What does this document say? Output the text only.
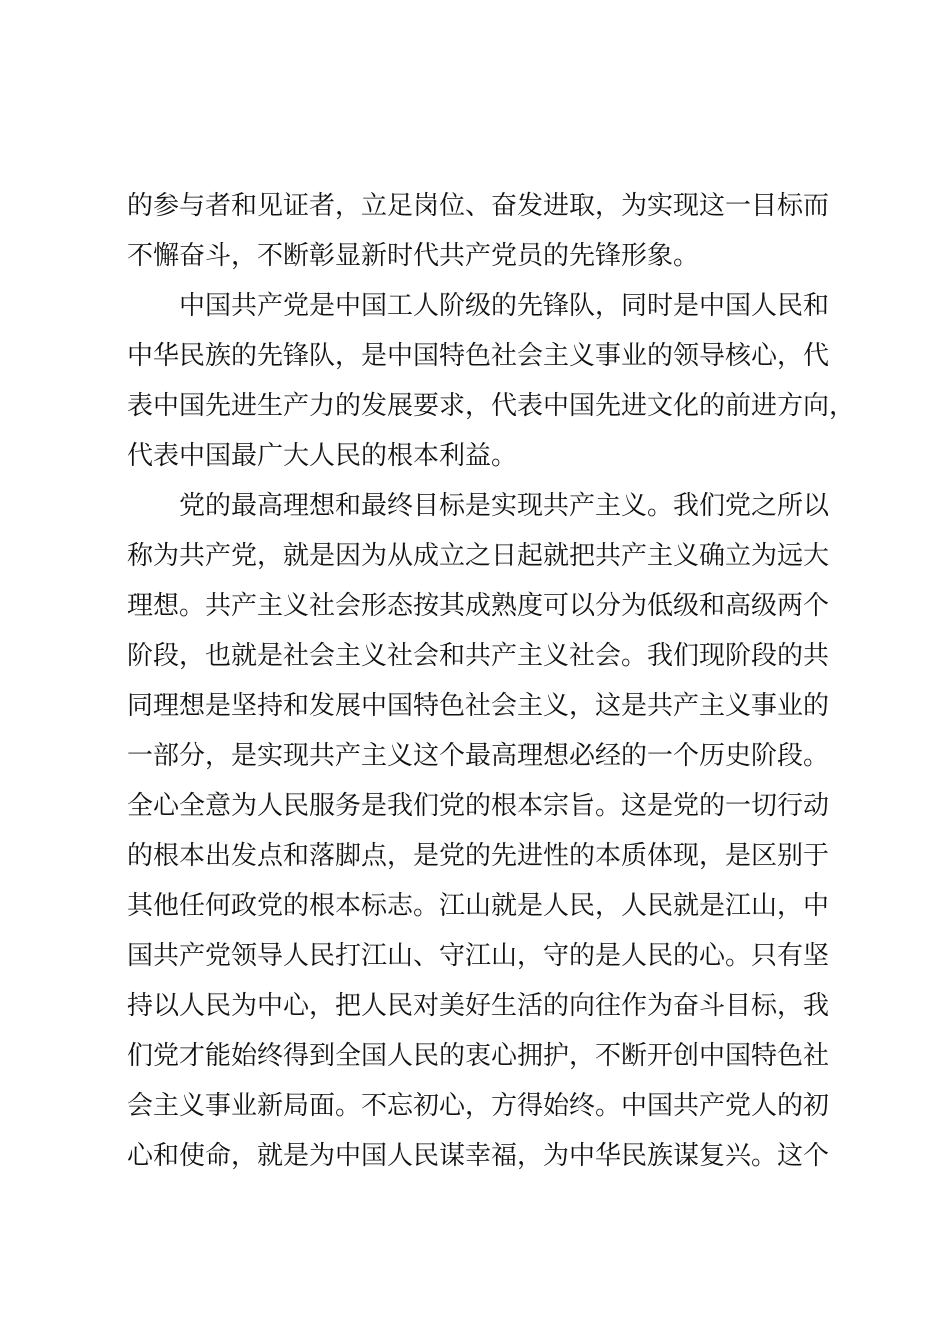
的参与者和见证者，立足岗位、奋发进取，为实现这一目标而
不懈奋斗，不断彰显新时代共产党员的先锋形象。
中国共产党是中国工人阶级的先锋队，同时是中国人民和
中华民族的先锋队，是中国特色社会主义事业的领导核心，代
表中国先进生产力的发展要求，代表中国先进文化的前进方向，
代表中国最广大人民的根本利益。
党的最高理想和最终目标是实现共产主义。我们党之所以
称为共产党，就是因为从成立之日起就把共产主义确立为远大
理想。共产主义社会形态按其成熟度可以分为低级和高级两个
阶段，也就是社会主义社会和共产主义社会。我们现阶段的共
同理想是坚持和发展中国特色社会主义，这是共产主义事业的
一部分，是实现共产主义这个最高理想必经的一个历史阶段。
全心全意为人民服务是我们党的根本宗旨。这是党的一切行动
的根本出发点和落脚点，是党的先进性的本质体现，是区别于
其他任何政党的根本标志。江山就是人民，人民就是江山，中
国共产党领导人民打江山、守江山，守的是人民的心。只有坚
持以人民为中心，把人民对美好生活的向往作为奋斗目标，我
们党才能始终得到全国人民的衷心拥护，不断开创中国特色社
会主义事业新局面。不忘初心，方得始终。中国共产党人的初
心和使命，就是为中国人民谋幸福，为中华民族谋复兴。这个
